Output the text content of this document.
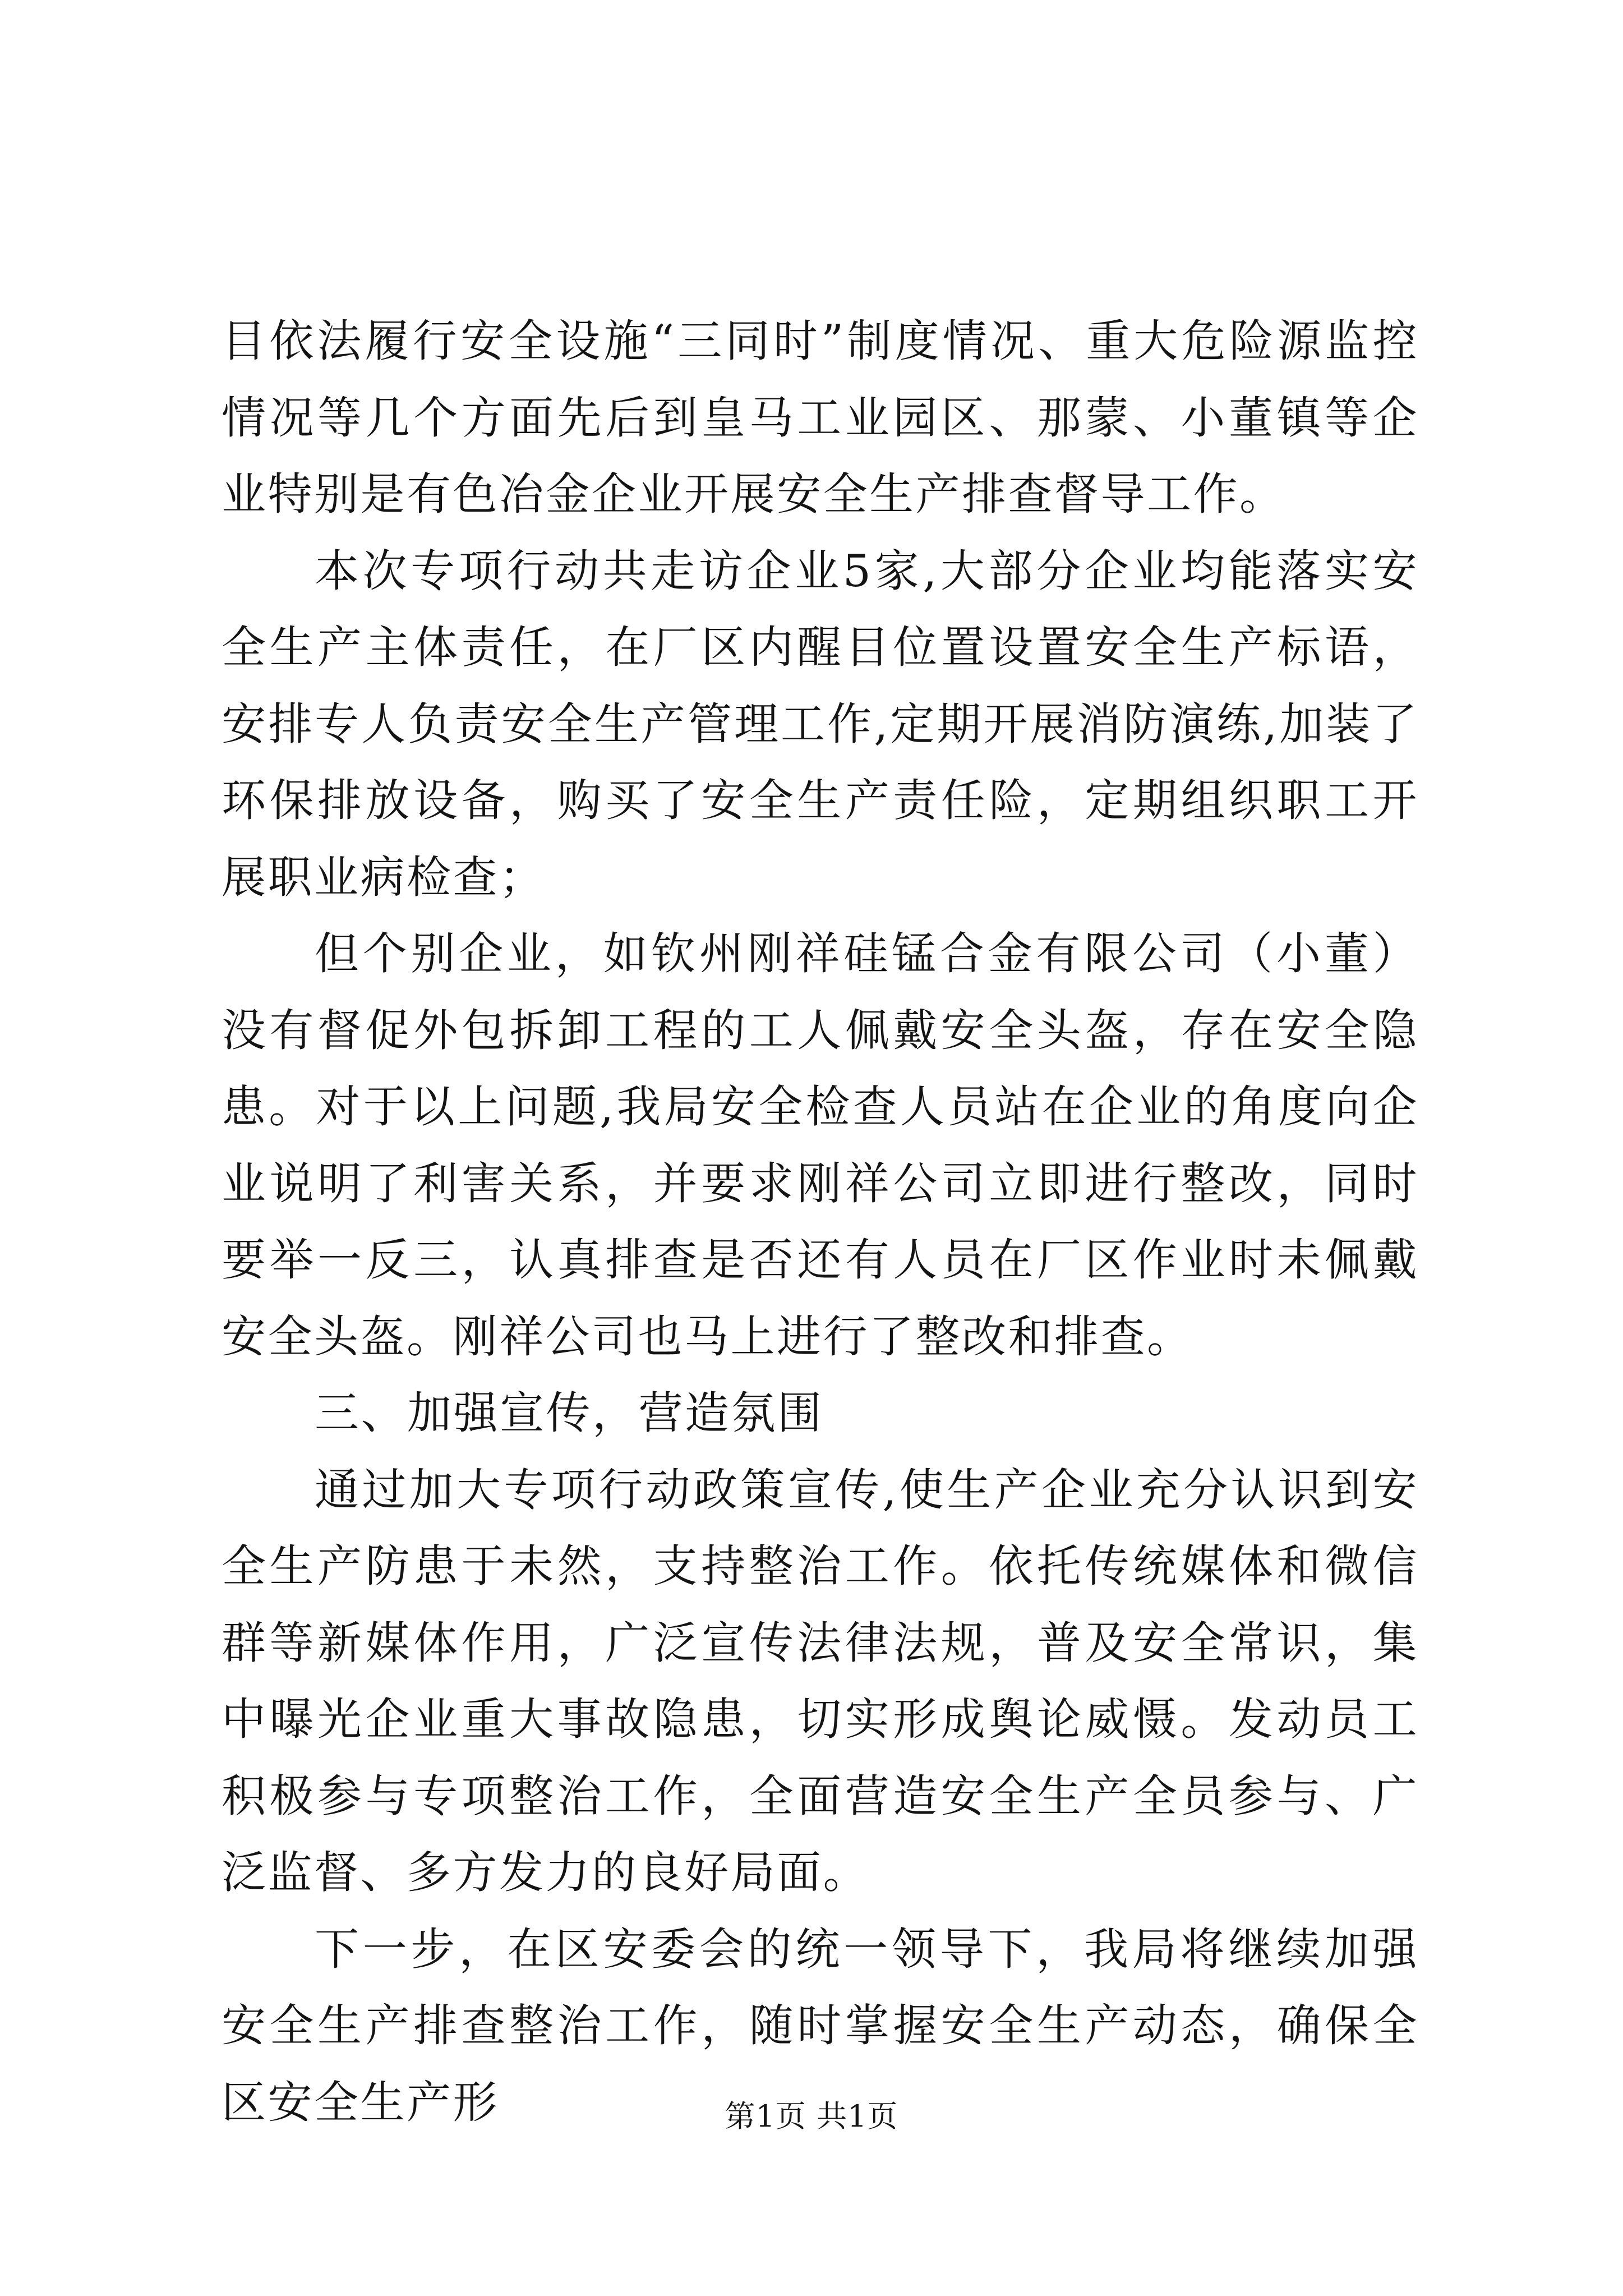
目依法履行安全设施“三同时”制度情况、重大危险源监控情况等几个方面先后到皇马工业园区、那蒙、小董镇等企业特别是有色冶金企业开展安全生产排查督导工作。

本次专项行动共走访企业5家,大部分企业均能落实安全生产主体责任，在厂区内醒目位置设置安全生产标语，安排专人负责安全生产管理工作,定期开展消防演练,加装了环保排放设备，购买了安全生产责任险，定期组织职工开展职业病检查；

但个别企业，如钦州刚祥硅锰合金有限公司（小董）没有督促外包拆卸工程的工人佩戴安全头盔，存在安全隐患。对于以上问题,我局安全检查人员站在企业的角度向企业说明了利害关系，并要求刚祥公司立即进行整改，同时要举一反三，认真排查是否还有人员在厂区作业时未佩戴安全头盔。刚祥公司也马上进行了整改和排查。

三、加强宣传，营造氛围

通过加大专项行动政策宣传,使生产企业充分认识到安全生产防患于未然，支持整治工作。依托传统媒体和微信群等新媒体作用，广泛宣传法律法规，普及安全常识，集中曝光企业重大事故隐患，切实形成舆论威慑。发动员工积极参与专项整治工作，全面营造安全生产全员参与、广泛监督、多方发力的良好局面。

下一步，在区安委会的统一领导下，我局将继续加强安全生产排查整治工作，随时掌握安全生产动态，确保全区安全生产形	第1页 共1页
